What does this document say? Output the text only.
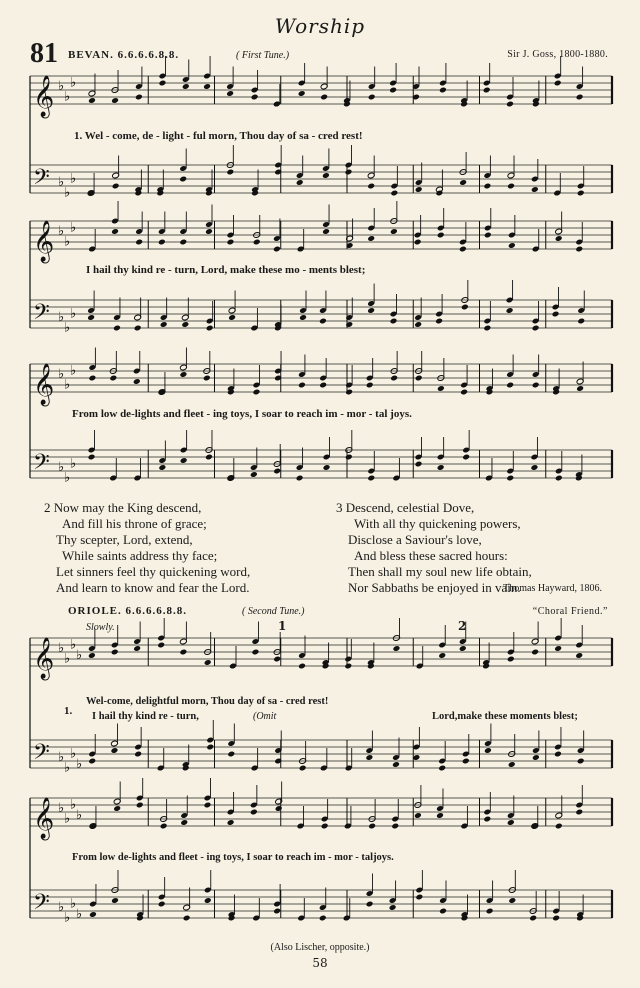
Worship
81 BEVAN. 6.6.6.6.8.8.	( First Tune.)	Sir J. Goss, 1800-1880.
𝄞 ♭
♭
♭
𝄢 ♭
♭
♭
𝄞 ♭
♭
♭
𝄢 ♭
♭
♭
𝄞 ♭
♭
♭
𝄢 ♭
♭
♭
𝄞 ♭
♭
♭
♭
𝄢 ♭
♭
♭
♭
𝄞 ♭
♭
♭
♭
𝄢 ♭
♭
♭
♭
1. Wel - come, de - light - ful morn, Thou day of sa - cred rest!
I hail thy kind re - turn, Lord, make these mo - ments blest;
From low de-lights and fleet - ing toys, I soar to reach im - mor - tal joys.
2 Now may the King descend,
And fill his throne of grace;
Thy scepter, Lord, extend,
While saints address thy face;
Let sinners feel thy quickening word,
And learn to know and fear the Lord.
3 Descend, celestial Dove,
With all thy quickening powers,
Disclose a Saviour's love,
And bless these sacred hours:
Then shall my soul new life obtain,
Nor Sabbaths be enjoyed in vain.
Thomas Hayward, 1806.
ORIOLE. 6.6.6.6.8.8.	( Second Tune.)	“Choral Friend.”
Slowly.	1	2
1.
Wel-come, delightful morn, Thou day of sa - cred rest!
I hail thy kind re - turn,	(Omit	Lord,make these moments blest;
From low de-lights and fleet - ing toys, I soar to reach im - mor - taljoys.
(Also Lischer, opposite.)
58
